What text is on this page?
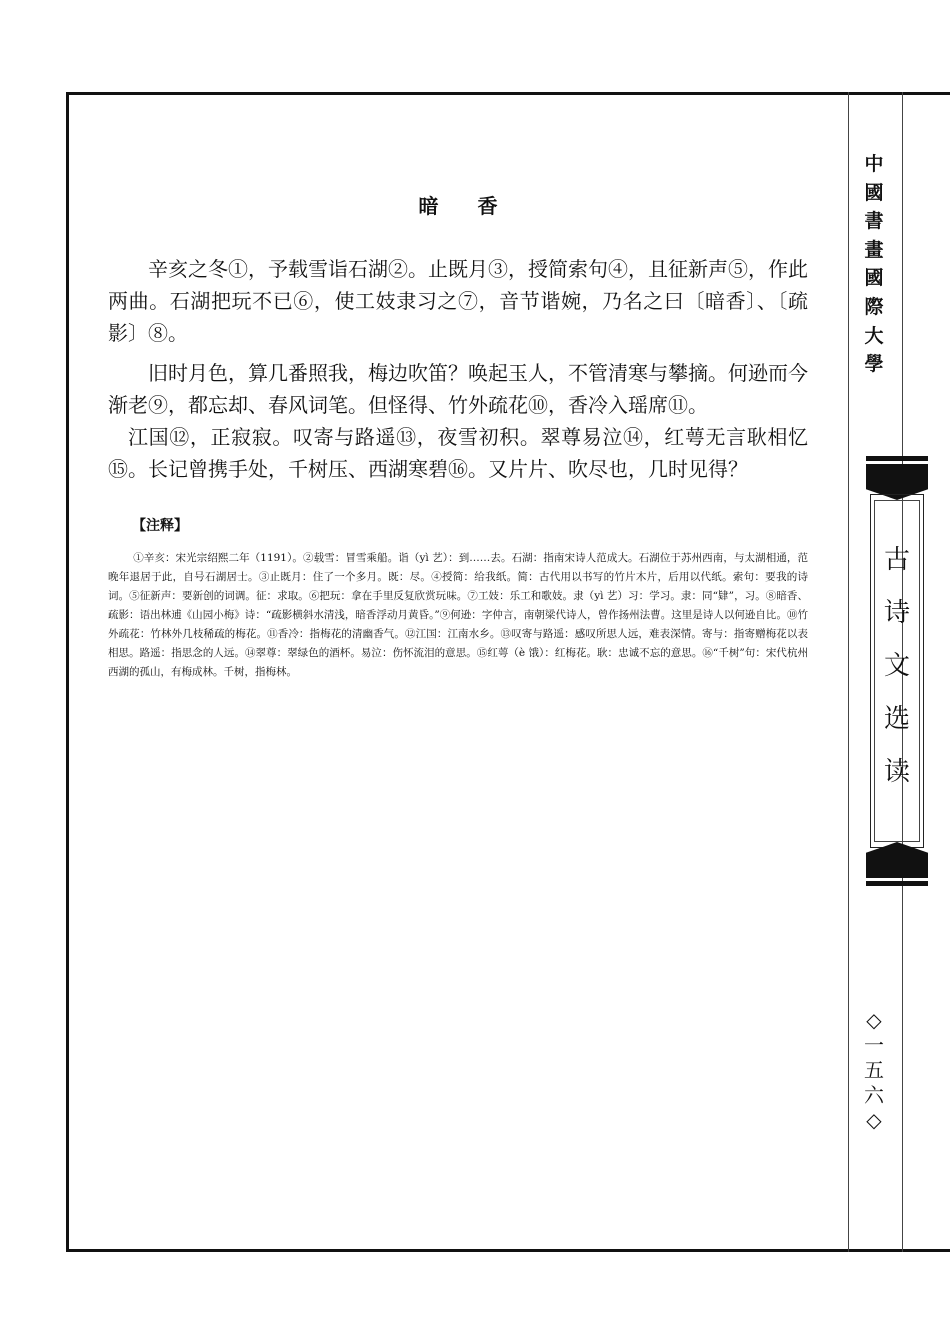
暗 香

辛亥之冬①，予载雪诣石湖②。止既月③，授简索句④，且征新声⑤，作此两曲。石湖把玩不已⑥，使工妓隶习之⑦，音节谐婉，乃名之曰〔暗香〕、〔疏影〕⑧。

旧时月色，算几番照我，梅边吹笛？唤起玉人，不管清寒与攀摘。何逊而今渐老⑨，都忘却、春风词笔。但怪得、竹外疏花⑩，香冷入瑶席⑪。

江国⑫，正寂寂。叹寄与路遥⑬，夜雪初积。翠尊易泣⑭，红萼无言耿相忆⑮。长记曾携手处，千树压、西湖寒碧⑯。又片片、吹尽也，几时见得？

【注释】

①辛亥：宋光宗绍熙二年（1191）。②载雪：冒雪乘船。诣（yì 艺）：到……去。石湖：指南宋诗人范成大。石湖位于苏州西南，与太湖相通，范晚年退居于此，自号石湖居士。③止既月：住了一个多月。既：尽。④授简：给我纸。简：古代用以书写的竹片木片，后用以代纸。索句：要我的诗词。⑤征新声：要新创的词调。征：求取。⑥把玩：拿在手里反复欣赏玩味。⑦工妓：乐工和歌妓。隶（yì 艺）习：学习。隶：同“肄”，习。⑧暗香、疏影：语出林逋《山园小梅》诗：“疏影横斜水清浅，暗香浮动月黄昏。”⑨何逊：字仲言，南朝梁代诗人，曾作扬州法曹。这里是诗人以何逊自比。⑩竹外疏花：竹林外几枝稀疏的梅花。⑪香冷：指梅花的清幽香气。⑫江国：江南水乡。⑬叹寄与路遥：感叹所思人远，难表深情。寄与：指寄赠梅花以表相思。路遥：指思念的人远。⑭翠尊：翠绿色的酒杯。易泣：伤怀流泪的意思。⑮红萼（è 饿）：红梅花。耿：忠诚不忘的意思。⑯“千树”句：宋代杭州西湖的孤山，有梅成林。千树，指梅林。

中國書畫國際大學
古
诗
文
选
读
◇
一
五
六
◇
